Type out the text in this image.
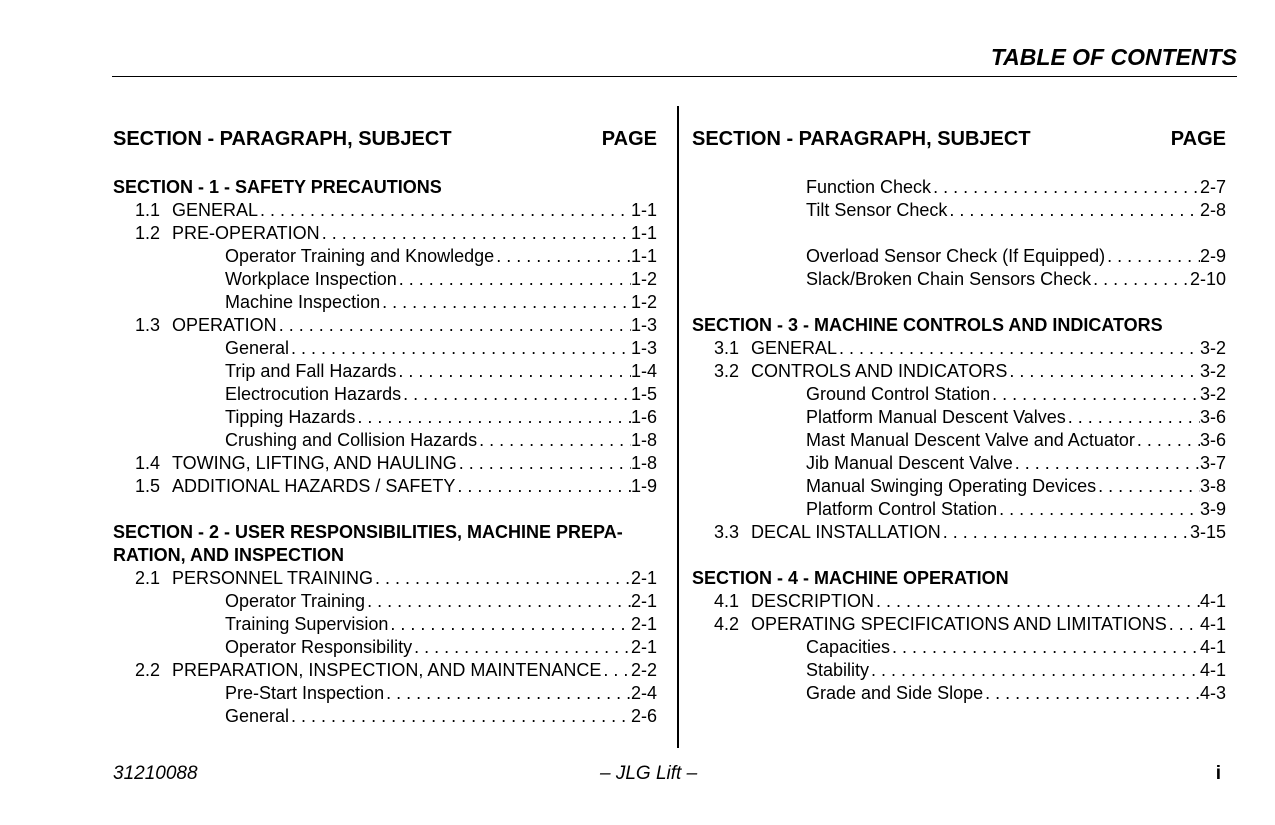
TABLE OF CONTENTS
SECTION - PARAGRAPH, SUBJECT	PAGE
SECTION - 1 - SAFETY PRECAUTIONS
1.1 GENERAL . . .	1-1
1.2 PRE-OPERATION . . .	1-1
Operator Training and Knowledge . . .	1-1
Workplace Inspection . . .	1-2
Machine Inspection . . .	1-2
1.3 OPERATION . . .	1-3
General . . .	1-3
Trip and Fall Hazards . . .	1-4
Electrocution Hazards . . .	1-5
Tipping Hazards . . .	1-6
Crushing and Collision Hazards . . .	1-8
1.4 TOWING, LIFTING, AND HAULING . . .	1-8
1.5 ADDITIONAL HAZARDS / SAFETY . . .	1-9
SECTION - 2 - USER RESPONSIBILITIES, MACHINE PREPA-
RATION, AND INSPECTION
2.1 PERSONNEL TRAINING . . .	2-1
Operator Training . . .	2-1
Training Supervision . . .	2-1
Operator Responsibility . . .	2-1
2.2 PREPARATION, INSPECTION, AND MAINTENANCE . . . 2-2
Pre-Start Inspection . . .	2-4
General . . .	2-6
SECTION - PARAGRAPH, SUBJECT	PAGE
Function Check . . .	2-7
Tilt Sensor Check . . .	2-8
Overload Sensor Check (If Equipped) . . .	2-9
Slack/Broken Chain Sensors Check . . .	2-10
SECTION - 3 - MACHINE CONTROLS AND INDICATORS
3.1 GENERAL . . .	3-2
3.2 CONTROLS AND INDICATORS . . .	3-2
Ground Control Station . . .	3-2
Platform Manual Descent Valves . . .	3-6
Mast Manual Descent Valve and Actuator . . .	3-6
Jib Manual Descent Valve . . .	3-7
Manual Swinging Operating Devices . . .	3-8
Platform Control Station . . .	3-9
3.3 DECAL INSTALLATION . . .	3-15
SECTION - 4 - MACHINE OPERATION
4.1 DESCRIPTION . . .	4-1
4.2 OPERATING SPECIFICATIONS AND LIMITATIONS . . . 4-1
Capacities . . .	4-1
Stability . . .	4-1
Grade and Side Slope . . .	4-3
31210088	– JLG Lift –	i
